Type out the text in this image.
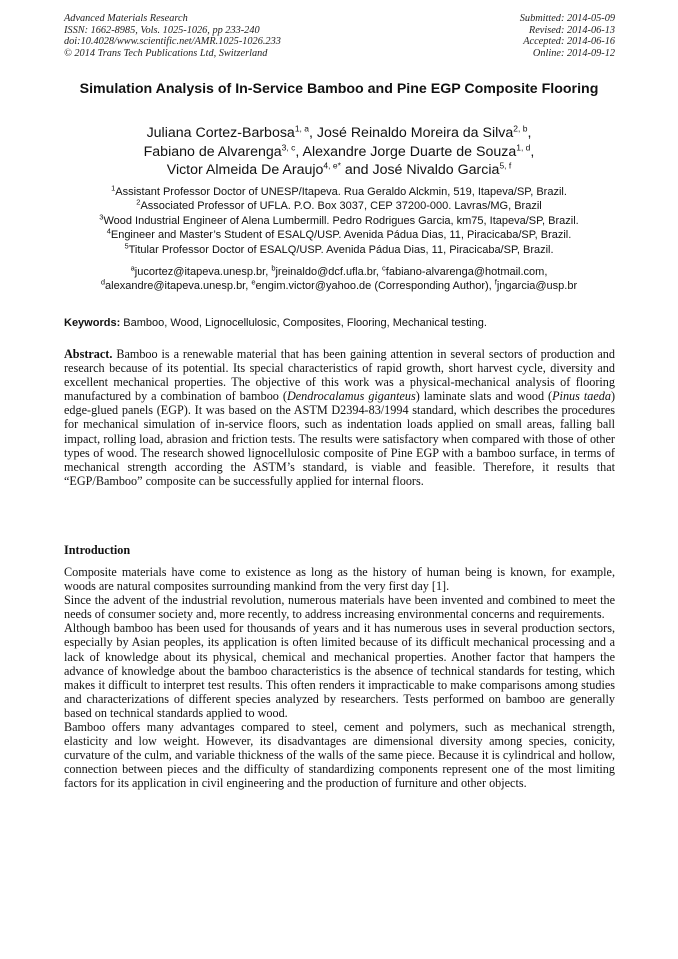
Advanced Materials Research
ISSN: 1662-8985, Vols. 1025-1026, pp 233-240
doi:10.4028/www.scientific.net/AMR.1025-1026.233
© 2014 Trans Tech Publications Ltd, Switzerland
Submitted: 2014-05-09
Revised: 2014-06-13
Accepted: 2014-06-16
Online: 2014-09-12
Simulation Analysis of In-Service Bamboo and Pine EGP Composite Flooring
Juliana Cortez-Barbosa$^{1, a}$, José Reinaldo Moreira da Silva$^{2, b}$,
Fabiano de Alvarenga$^{3, c}$, Alexandre Jorge Duarte de Souza$^{1, d}$,
Victor Almeida De Araujo$^{4, e*}$ and José Nivaldo Garcia$^{5, f}$
$^1$Assistant Professor Doctor of UNESP/Itapeva. Rua Geraldo Alckmin, 519, Itapeva/SP, Brazil.
$^2$Associated Professor of UFLA. P.O. Box 3037, CEP 37200-000. Lavras/MG, Brazil
$^3$Wood Industrial Engineer of Alena Lumbermill. Pedro Rodrigues Garcia, km75, Itapeva/SP, Brazil.
$^4$Engineer and Master’s Student of ESALQ/USP. Avenida Pádua Dias, 11, Piracicaba/SP, Brazil.
$^5$Titular Professor Doctor of ESALQ/USP. Avenida Pádua Dias, 11, Piracicaba/SP, Brazil.
$^a$jucortez@itapeva.unesp.br, $^b$jreinaldo@dcf.ufla.br, $^c$fabiano-alvarenga@hotmail.com,
$^d$alexandre@itapeva.unesp.br, $^e$engim.victor@yahoo.de (Corresponding Author), $^f$jngarcia@usp.br
Keywords: Bamboo, Wood, Lignocellulosic, Composites, Flooring, Mechanical testing.
Abstract. Bamboo is a renewable material that has been gaining attention in several sectors of production and research because of its potential. Its special characteristics of rapid growth, short harvest cycle, diversity and excellent mechanical properties. The objective of this work was a physical-mechanical analysis of flooring manufactured by a combination of bamboo (Dendrocalamus giganteus) laminate slats and wood (Pinus taeda) edge-glued panels (EGP). It was based on the ASTM D2394-83/1994 standard, which describes the procedures for mechanical simulation of in-service floors, such as indentation loads applied on small areas, falling ball impact, rolling load, abrasion and friction tests. The results were satisfactory when compared with those of other types of wood. The research showed lignocellulosic composite of Pine EGP with a bamboo surface, in terms of mechanical strength according the ASTM’s standard, is viable and feasible. Therefore, it results that “EGP/Bamboo” composite can be successfully applied for internal floors.
Introduction

Composite materials have come to existence as long as the history of human being is known, for example, woods are natural composites surrounding mankind from the very first day [1].

Since the advent of the industrial revolution, numerous materials have been invented and combined to meet the needs of consumer society and, more recently, to address increasing environmental concerns and requirements.

Although bamboo has been used for thousands of years and it has numerous uses in several production sectors, especially by Asian peoples, its application is often limited because of its difficult mechanical processing and a lack of knowledge about its physical, chemical and mechanical properties. Another factor that hampers the advance of knowledge about the bamboo characteristics is the absence of technical standards for testing, which makes it difficult to interpret test results. This often renders it impracticable to make comparisons among studies and characterizations of different species analyzed by researchers. Tests performed on bamboo are generally based on technical standards applied to wood.

Bamboo offers many advantages compared to steel, cement and polymers, such as mechanical strength, elasticity and low weight. However, its disadvantages are dimensional diversity among species, conicity, curvature of the culm, and variable thickness of the walls of the same piece. Because it is cylindrical and hollow, connection between pieces and the difficulty of standardizing components represent one of the most limiting factors for its application in civil engineering and the production of furniture and other objects.
